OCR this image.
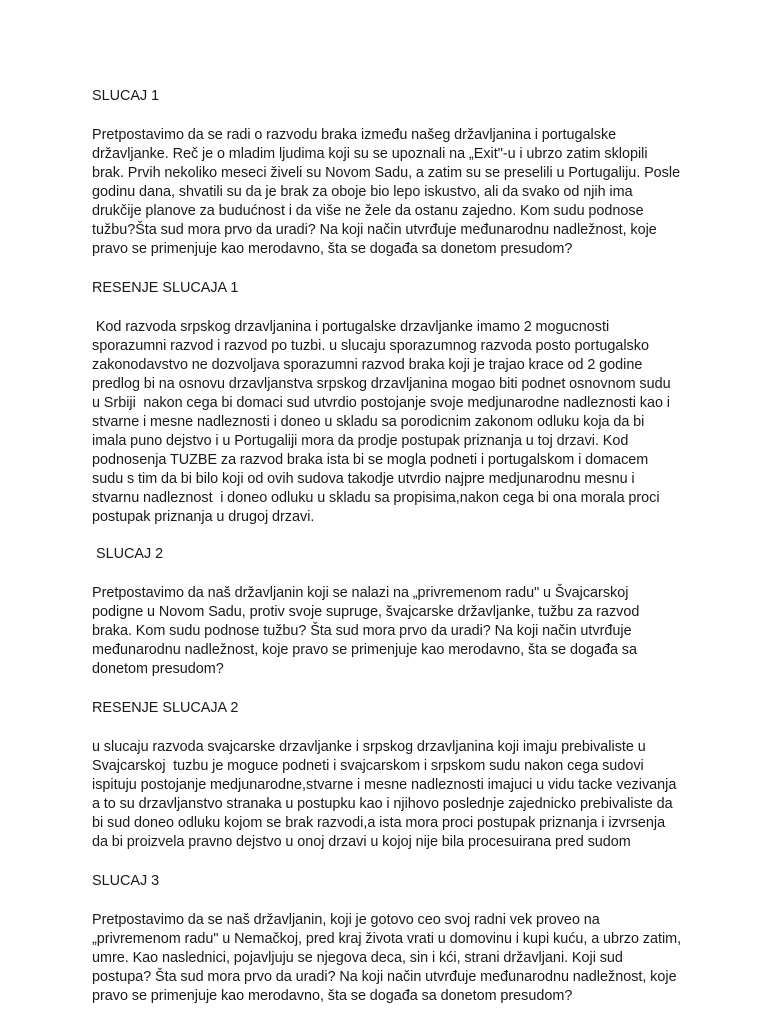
SLUCAJ 1
Pretpostavimo da se radi o razvodu braka između našeg državljanina i portugalske državljanke. Reč je o mladim ljudima koji su se upoznali na „Exit"-u i ubrzo zatim sklopili brak. Prvih nekoliko meseci živeli su Novom Sadu, a zatim su se preselili u Portugaliju. Posle godinu dana, shvatili su da je brak za oboje bio lepo iskustvo, ali da svako od njih ima drukčije planove za budućnost i da više ne žele da ostanu zajedno. Kom sudu podnose tužbu?Šta sud mora prvo da uradi? Na koji način utvrđuje međunarodnu nadležnost, koje pravo se primenjuje kao merodavno, šta se događa sa donetom presudom?
RESENJE SLUCAJA 1
Kod razvoda srpskog drzavljanina i portugalske drzavljanke imamo 2 mogucnosti sporazumni razvod i razvod po tuzbi. u slucaju sporazumnog razvoda posto portugalsko zakonodavstvo ne dozvoljava sporazumni razvod braka koji je trajao krace od 2 godine predlog bi na osnovu drzavljanstva srpskog drzavljanina mogao biti podnet osnovnom sudu u Srbiji  nakon cega bi domaci sud utvrdio postojanje svoje medjunarodne nadleznosti kao i stvarne i mesne nadleznosti i doneo u skladu sa porodicnim zakonom odluku koja da bi imala puno dejstvo i u Portugaliji mora da prodje postupak priznanja u toj drzavi. Kod podnosenja TUZBE za razvod braka ista bi se mogla podneti i portugalskom i domacem sudu s tim da bi bilo koji od ovih sudova takodje utvrdio najpre medjunarodnu mesnu i stvarnu nadleznost  i doneo odluku u skladu sa propisima,nakon cega bi ona morala proci postupak priznanja u drugoj drzavi.
SLUCAJ 2
Pretpostavimo da naš državljanin koji se nalazi na „privremenom radu" u Švajcarskoj podigne u Novom Sadu, protiv svoje supruge, švajcarske državljanke, tužbu za razvod braka. Kom sudu podnose tužbu? Šta sud mora prvo da uradi? Na koji način utvrđuje međunarodnu nadležnost, koje pravo se primenjuje kao merodavno, šta se događa sa donetom presudom?
RESENJE SLUCAJA 2
u slucaju razvoda svajcarske drzavljanke i srpskog drzavljanina koji imaju prebivaliste u Svajcarskoj  tuzbu je moguce podneti i svajcarskom i srpskom sudu nakon cega sudovi ispituju postojanje medjunarodne,stvarne i mesne nadleznosti imajuci u vidu tacke vezivanja a to su drzavljanstvo stranaka u postupku kao i njihovo poslednje zajednicko prebivaliste da bi sud doneo odluku kojom se brak razvodi,a ista mora proci postupak priznanja i izvrsenja da bi proizvela pravno dejstvo u onoj drzavi u kojoj nije bila procesuirana pred sudom
SLUCAJ 3
Pretpostavimo da se naš državljanin, koji je gotovo ceo svoj radni vek proveo na „privremenom radu" u Nemačkoj, pred kraj života vrati u domovinu i kupi kuću, a ubrzo zatim, umre. Kao naslednici, pojavljuju se njegova deca, sin i kći, strani državljani. Koji sud postupa? Šta sud mora prvo da uradi? Na koji način utvrđuje međunarodnu nadležnost, koje pravo se primenjuje kao merodavno, šta se događa sa donetom presudom?
